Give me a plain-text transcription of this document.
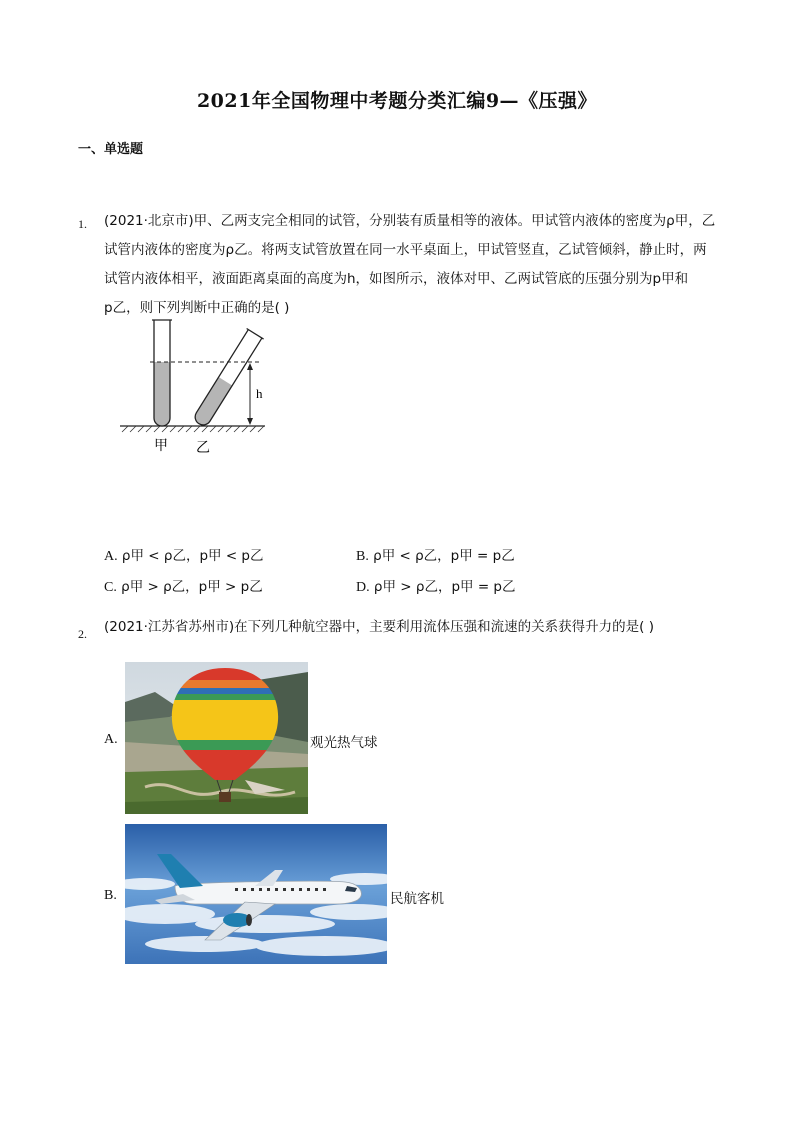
2021年全国物理中考题分类汇编9—《压强》
一、单选题
1. (2021·北京市)甲、乙两支完全相同的试管，分别装有质量相等的液体。甲试管内液体的密度为ρ甲，乙
试管内液体的密度为ρ乙。将两支试管放置在同一水平桌面上，甲试管竖直，乙试管倾斜，静止时，两
试管内液体相平，液面距离桌面的高度为h，如图所示，液体对甲、乙两试管底的压强分别为p甲和
p乙，则下列判断中正确的是( )
h
甲 乙
A. ρ甲 < ρ乙，p甲 < p乙	B. ρ甲 < ρ乙，p甲 = p乙
C. ρ甲 > ρ乙，p甲 > p乙	D. ρ甲 > ρ乙，p甲 = p乙
2. (2021·江苏省苏州市)在下列几种航空器中，主要利用流体压强和流速的关系获得升力的是( )
A.	观光热气球
B.	民航客机
